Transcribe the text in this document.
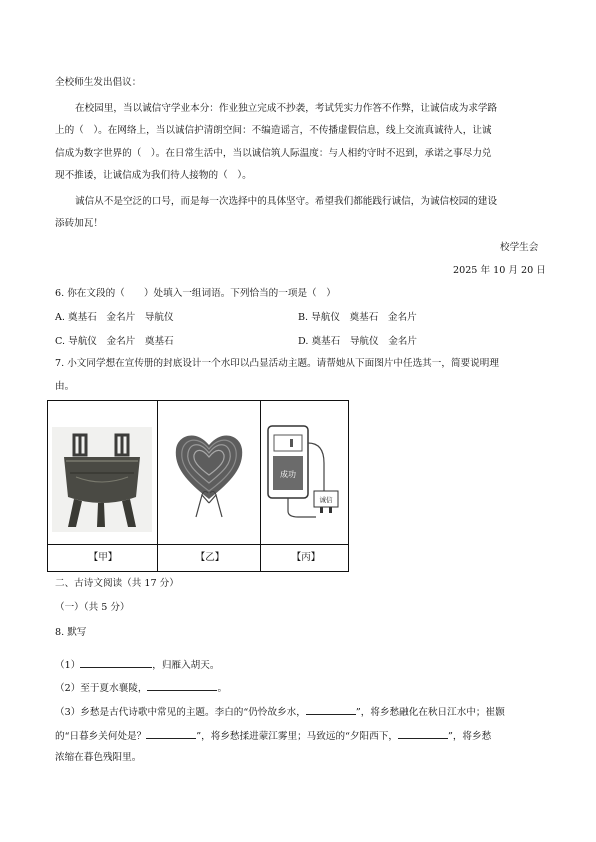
全校师生发出倡议：
在校园里，当以诚信守学业本分：作业独立完成不抄袭，考试凭实力作答不作弊，让诚信成为求学路
上的（　）。在网络上，当以诚信护清朗空间：不编造谣言，不传播虚假信息，线上交流真诚待人，让诚
信成为数字世界的（　）。在日常生活中，当以诚信筑人际温度：与人相约守时不迟到，承诺之事尽力兑
现不推诿，让诚信成为我们待人接物的（　）。
诚信从不是空泛的口号，而是每一次选择中的具体坚守。希望我们都能践行诚信，为诚信校园的建设
添砖加瓦！
校学生会
2025 年 10 月 20 日
6. 你在文段的（　　）处填入一组词语。下列恰当的一项是（　）
A. 奠基石　金名片　导航仪	B. 导航仪　奠基石　金名片
C. 导航仪　金名片　奠基石	D. 奠基石　导航仪　金名片
7. 小文同学想在宣传册的封底设计一个水印以凸显活动主题。请帮她从下面图片中任选其一，简要说明理
由。
成功
诚信
【甲】	【乙】	【丙】
二、古诗文阅读（共 17 分）
（一）（共 5 分）
8. 默写
（1）	，归雁入胡天。
（2）至于夏水襄陵，	。
（3）乡愁是古代诗歌中常见的主题。李白的“仍怜故乡水，	”，将乡愁融化在秋日江水中；崔颢
的“日暮乡关何处是？	”，将乡愁揉进蒙江雾里；马致远的“夕阳西下，	”，将乡愁
浓缩在暮色残阳里。
